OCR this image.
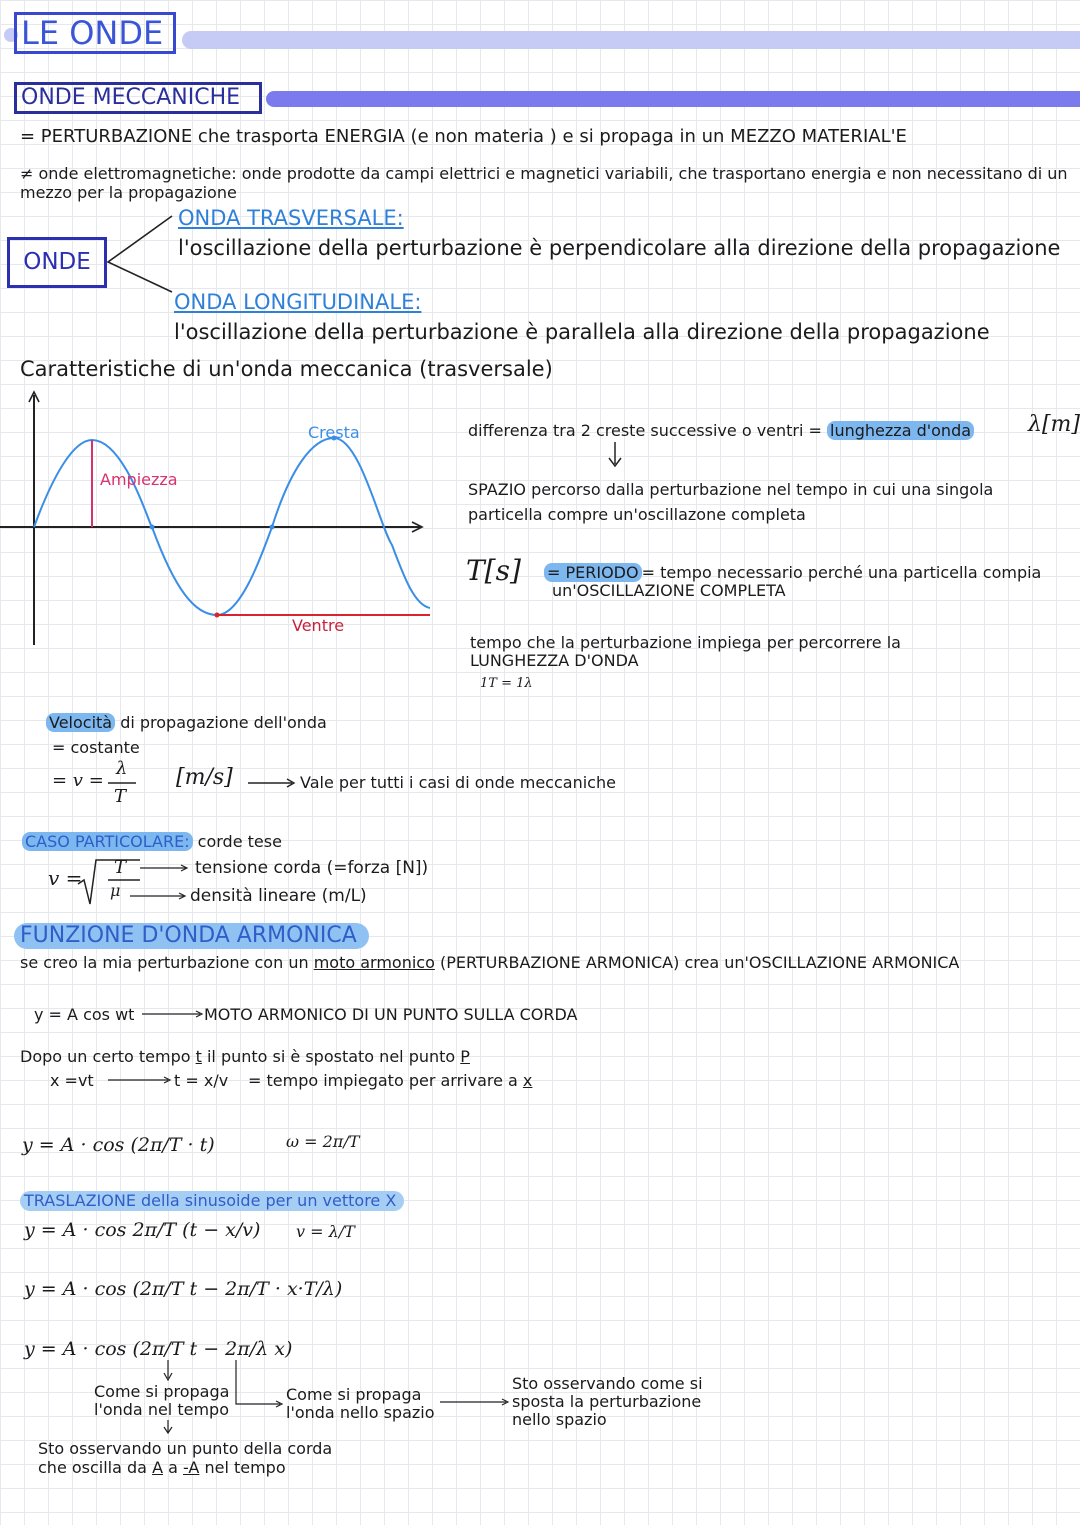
LE ONDE
ONDE MECCANICHE
= PERTURBAZIONE che trasporta ENERGIA (e non materia ) e si propaga in un MEZZO MATERIAL'E
≠ onde elettromagnetiche: onde prodotte da campi elettrici e magnetici variabili, che trasportano energia e non necessitano di un
mezzo per la propagazione
ONDE
ONDA TRASVERSALE:
l'oscillazione della perturbazione è perpendicolare alla direzione della propagazione
ONDA LONGITUDINALE:
l'oscillazione della perturbazione è parallela alla direzione della propagazione
Caratteristiche di un'onda meccanica (trasversale)
Cresta
Ampiezza
Ventre
differenza tra 2 creste successive o ventri = lunghezza d'onda	λ[m]
SPAZIO percorso dalla perturbazione nel tempo in cui una singola
particella compre un'oscillazone completa
T[s] = PERIODO = tempo necessario perché una particella compia
un'OSCILLAZIONE COMPLETA
tempo che la perturbazione impiega per percorrere la
LUNGHEZZA D'ONDA
1T = 1λ
Velocità di propagazione dell'onda
= costante
= v =
λ
T
[m/s]	Vale per tutti i casi di onde meccaniche
CASO PARTICOLARE: corde tese
v = T
μ
tensione corda (=forza [N])
densità lineare (m/L)
FUNZIONE D'ONDA ARMONICA
se creo la mia perturbazione con un moto armonico (PERTURBAZIONE ARMONICA) crea un'OSCILLAZIONE ARMONICA
y = A cos wt	MOTO ARMONICO DI UN PUNTO SULLA CORDA
Dopo un certo tempo t il punto si è spostato nel punto P
x =vt	t = x/v = tempo impiegato per arrivare a x
y = A · cos (2π/T · t)	ω = 2π/T
TRASLAZIONE della sinusoide per un vettore X
y = A · cos 2π/T (t − x/v) v = λ/T
y = A · cos (2π/T t − 2π/T · x·T/λ)
y = A · cos (2π/T t − 2π/λ x)
Come si propaga
l'onda nel tempo
Come si propaga
l'onda nello spazio
Sto osservando come si
sposta la perturbazione
nello spazio
Sto osservando un punto della corda
che oscilla da A a -A nel tempo
